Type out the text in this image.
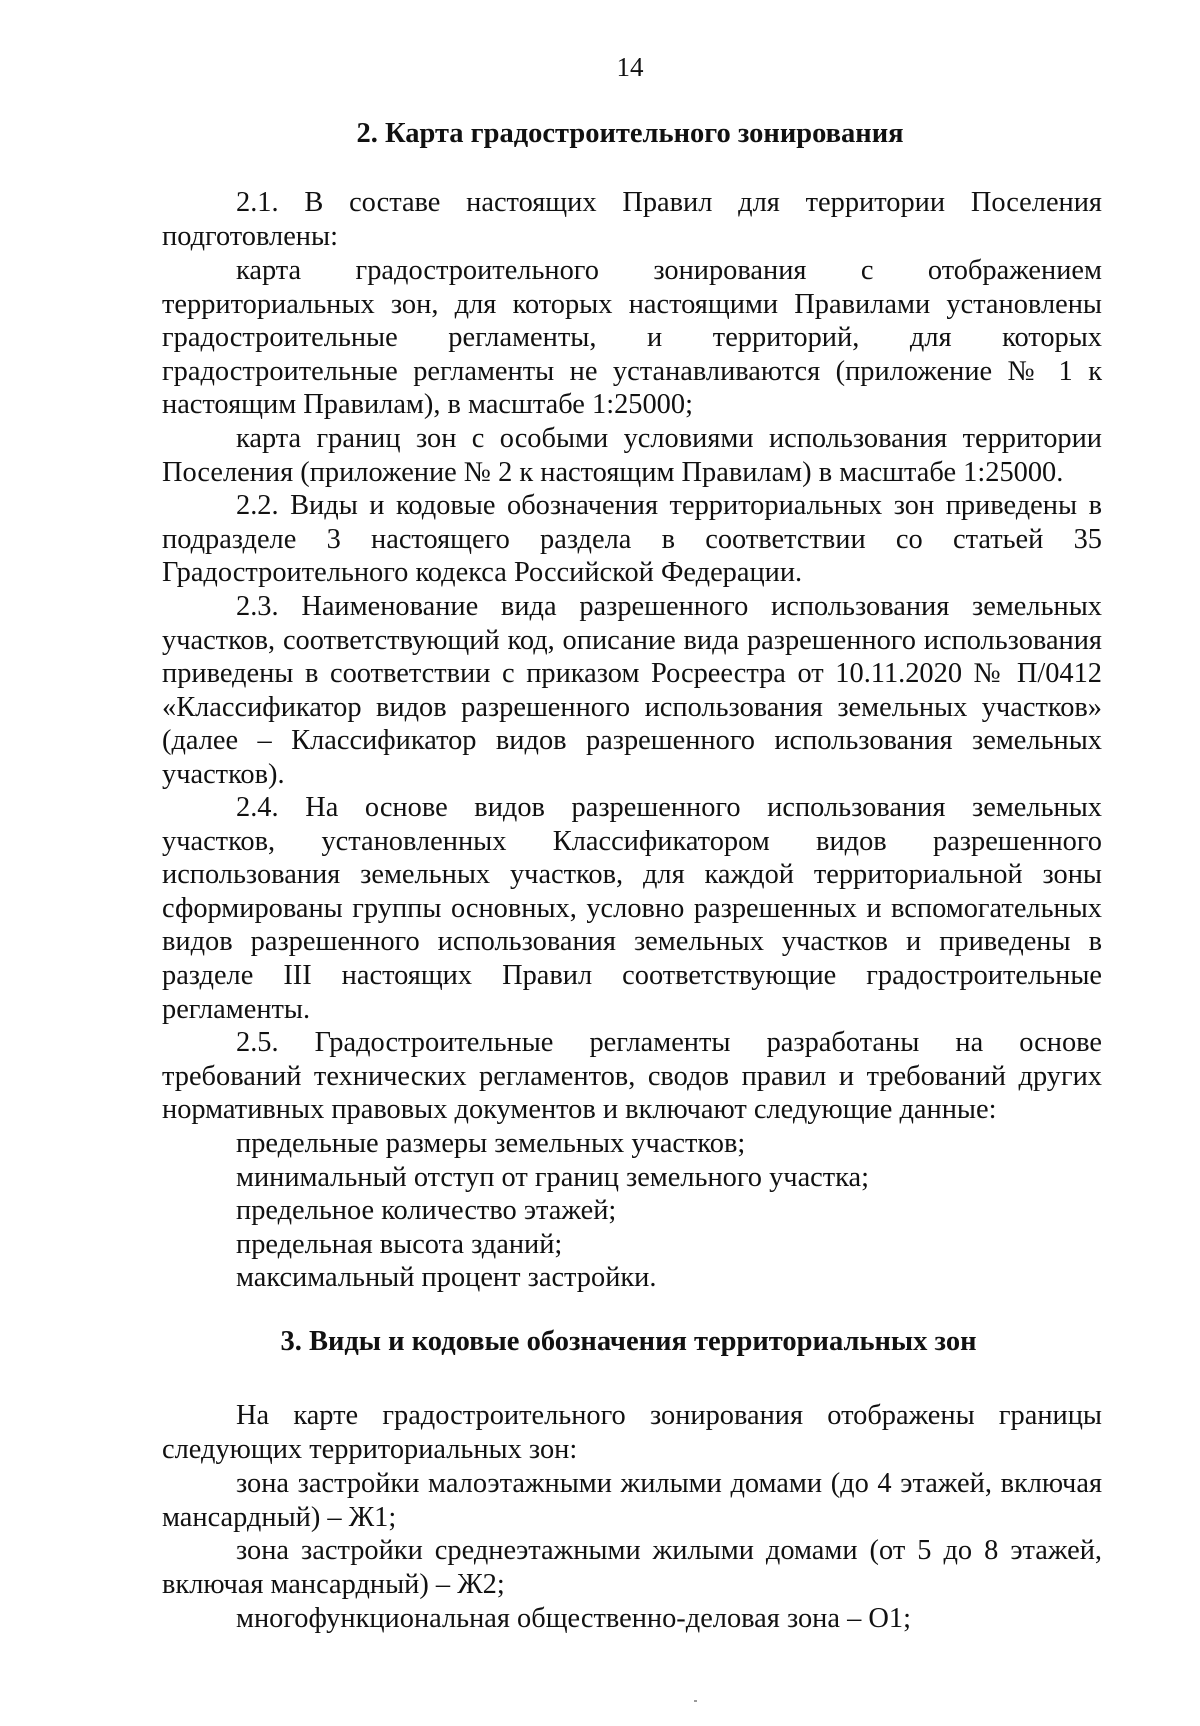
14
2. Карта градостроительного зонирования
2.1. В составе настоящих Правил для территории Поселения подготовлены:
карта градостроительного зонирования с отображением территориальных зон, для которых настоящими Правилами установлены градостроительные регламенты, и территорий, для которых градостроительные регламенты не устанавливаются (приложение № 1 к настоящим Правилам), в масштабе 1:25000;
карта границ зон с особыми условиями использования территории Поселения (приложение № 2 к настоящим Правилам) в масштабе 1:25000.
2.2. Виды и кодовые обозначения территориальных зон приведены в подразделе 3 настоящего раздела в соответствии со статьей 35 Градостроительного кодекса Российской Федерации.
2.3. Наименование вида разрешенного использования земельных участков, соответствующий код, описание вида разрешенного использования приведены в соответствии с приказом Росреестра от 10.11.2020 № П/0412 «Классификатор видов разрешенного использования земельных участков» (далее – Классификатор видов разрешенного использования земельных участков).
2.4. На основе видов разрешенного использования земельных участков, установленных Классификатором видов разрешенного использования земельных участков, для каждой территориальной зоны сформированы группы основных, условно разрешенных и вспомогательных видов разрешенного использования земельных участков и приведены в разделе III настоящих Правил соответствующие градостроительные регламенты.
2.5. Градостроительные регламенты разработаны на основе требований технических регламентов, сводов правил и требований других нормативных правовых документов и включают следующие данные:

предельные размеры земельных участков;

минимальный отступ от границ земельного участка;

предельное количество этажей;

предельная высота зданий;

максимальный процент застройки.

3. Виды и кодовые обозначения территориальных зон
На карте градостроительного зонирования отображены границы следующих территориальных зон:
зона застройки малоэтажными жилыми домами (до 4 этажей, включая мансардный) – Ж1;
зона застройки среднеэтажными жилыми домами (от 5 до 8 этажей, включая мансардный) – Ж2;
многофункциональная общественно-деловая зона – О1;
